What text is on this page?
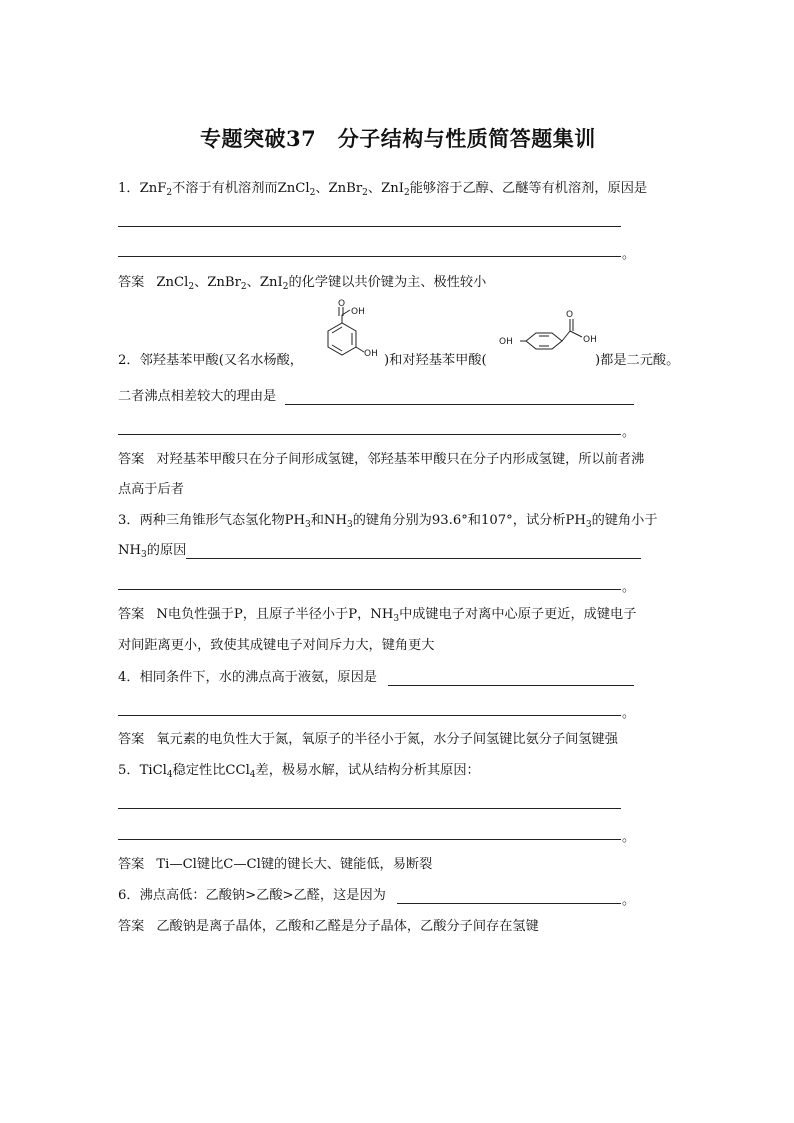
专题突破37　分子结构与性质简答题集训
1．ZnF$_2$不溶于有机溶剂而ZnCl$_2$、ZnBr$_2$、ZnI$_2$能够溶于乙醇、乙醚等有机溶剂，原因是
。
答案 ZnCl$_2$、ZnBr$_2$、ZnI$_2$的化学键以共价键为主、极性较小
2．邻羟基苯甲酸(又名水杨酸，
O
OH
OH )和对羟基苯甲酸(
O
OH
OH
)都是二元酸。
二者沸点相差较大的理由是
。
答案 对羟基苯甲酸只在分子间形成氢键，邻羟基苯甲酸只在分子内形成氢键，所以前者沸
点高于后者
3．两种三角锥形气态氢化物$PH_3$和$NH_3$的键角分别为93.6°和107°，试分析$PH_3$的键角小于
$NH_3$的原因
。
答案 N电负性强于P，且原子半径小于P，$NH_3$中成键电子对离中心原子更近，成键电子
对间距离更小，致使其成键电子对间斥力大，键角更大
4．相同条件下，水的沸点高于液氨，原因是
。
答案 氧元素的电负性大于氮，氧原子的半径小于氮，水分子间氢键比氨分子间氢键强
5．TiCl$_4$稳定性比CCl$_4$差，极易水解，试从结构分析其原因：
。
答案 Ti—Cl键比C—Cl键的键长大、键能低，易断裂
6．沸点高低：乙酸钠>乙酸>乙醛，这是因为	。
答案 乙酸钠是离子晶体，乙酸和乙醛是分子晶体，乙酸分子间存在氢键
